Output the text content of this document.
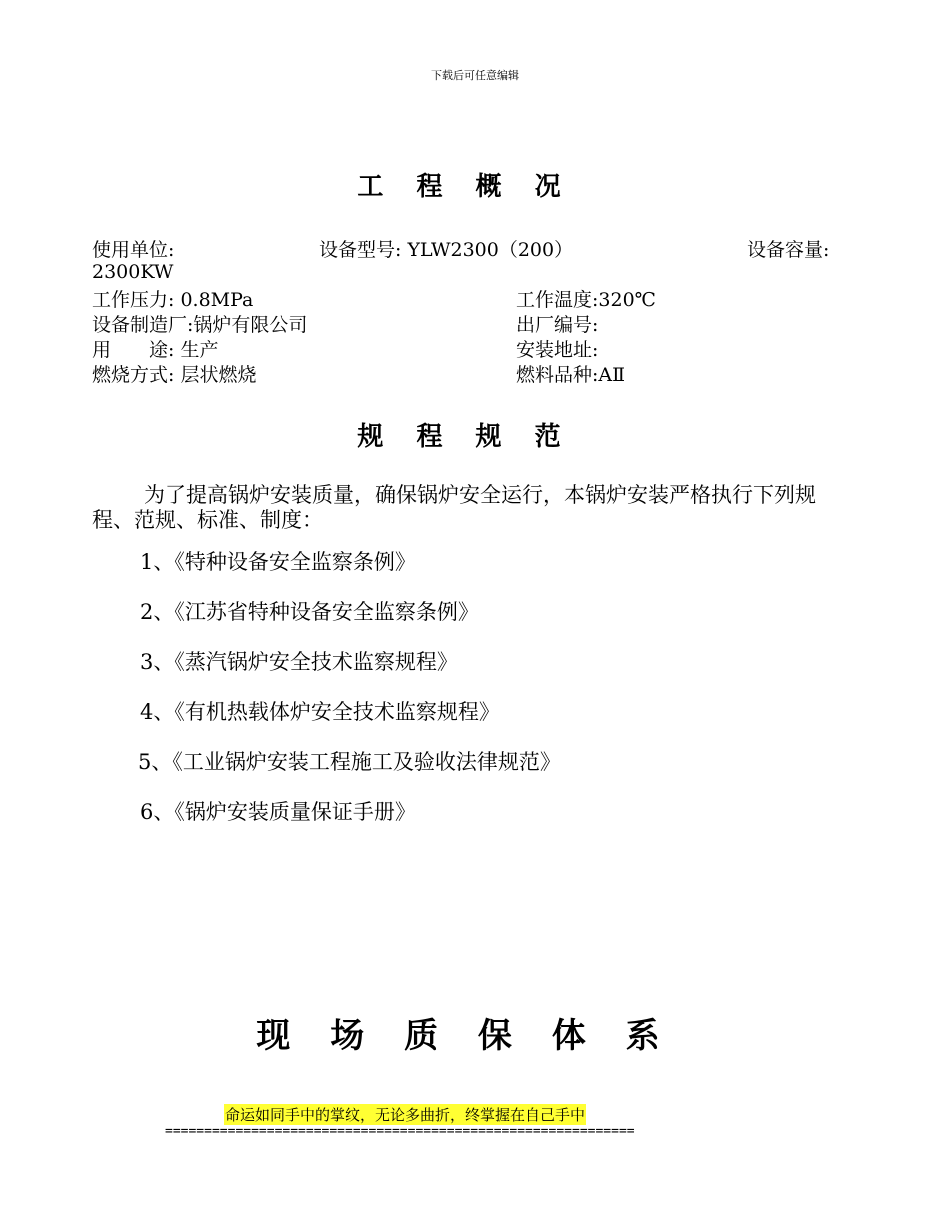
下载后可任意编辑
工 程 概 况
使用单位:	设备型号: YLW2300（200）	设备容量:
2300KW
工作压力: 0.8MPa	工作温度:320℃
设备制造厂:锅炉有限公司	出厂编号:
用　　途: 生产	安装地址:
燃烧方式: 层状燃烧	燃料品种:AⅡ
规 程 规 范
为了提高锅炉安装质量，确保锅炉安全运行，本锅炉安装严格执行下列规程、范规、标准、制度：
1、《特种设备安全监察条例》
2、《江苏省特种设备安全监察条例》
3、《蒸汽锅炉安全技术监察规程》
4、《有机热载体炉安全技术监察规程》
5、《工业锅炉安装工程施工及验收法律规范》
6、《锅炉安装质量保证手册》
现 场 质 保 体 系
命运如同手中的掌纹，无论多曲折，终掌握在自己手中
============================================================
